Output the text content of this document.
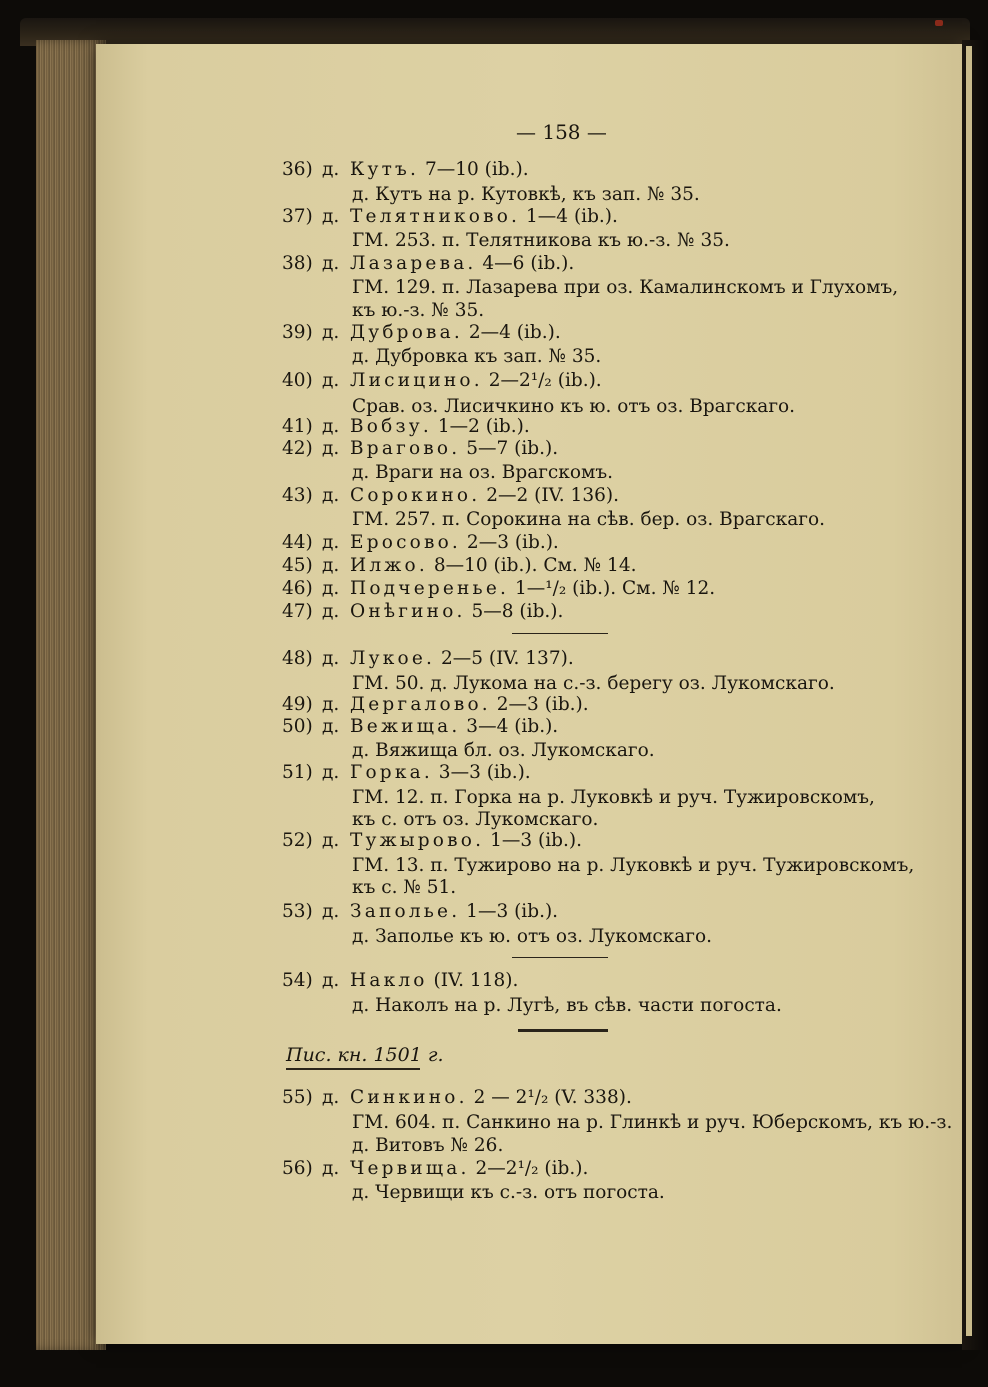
— 158 —
36) д. Кутъ. 7—10 (ib.).
д. Кутъ на р. Кутовкѣ, къ зап. № 35.
37) д. Телятниково. 1—4 (ib.).
ГМ. 253. п. Телятникова къ ю.-з. № 35.
38) д. Лазарева. 4—6 (ib.).
ГМ. 129. п. Лазарева при оз. Камалинскомъ и Глухомъ,
къ ю.-з. № 35.
39) д. Дуброва. 2—4 (ib.).
д. Дубровка къ зап. № 35.
40) д. Лисицино. 2—2¹/₂ (ib.).
Срав. оз. Лисичкино къ ю. отъ оз. Врагскаго.
41) д. Вобзу. 1—2 (ib.).
42) д. Врагово. 5—7 (ib.).
д. Враги на оз. Врагскомъ.
43) д. Сорокино. 2—2 (IV. 136).
ГМ. 257. п. Сорокина на сѣв. бер. оз. Врагскаго.
44) д. Еросово. 2—3 (ib.).
45) д. Илжо. 8—10 (ib.). См. № 14.
46) д. Подчеренье. 1—¹/₂ (ib.). См. № 12.
47) д. Онѣгино. 5—8 (ib.).
48) д. Лукое. 2—5 (IV. 137).
ГМ. 50. д. Лукома на с.-з. берегу оз. Лукомскаго.
49) д. Дергалово. 2—3 (ib.).
50) д. Вежища. 3—4 (ib.).
д. Вяжища бл. оз. Лукомскаго.
51) д. Горка. 3—3 (ib.).
ГМ. 12. п. Горка на р. Луковкѣ и руч. Тужировскомъ,
къ с. отъ оз. Лукомскаго.
52) д. Тужырово. 1—3 (ib.).
ГМ. 13. п. Тужирово на р. Луковкѣ и руч. Тужировскомъ,
къ с. № 51.
53) д. Заполье. 1—3 (ib.).
д. Заполье къ ю. отъ оз. Лукомскаго.
54) д. Накло (IV. 118).
д. Наколъ на р. Лугѣ, въ сѣв. части погоста.
Пис. кн. 1501 г.
55) д. Синкино. 2 — 2¹/₂ (V. 338).
ГМ. 604. п. Санкино на р. Глинкѣ и руч. Юберскомъ, къ ю.-з.
д. Витовъ № 26.
56) д. Червища. 2—2¹/₂ (ib.).
д. Червищи къ с.-з. отъ погоста.
